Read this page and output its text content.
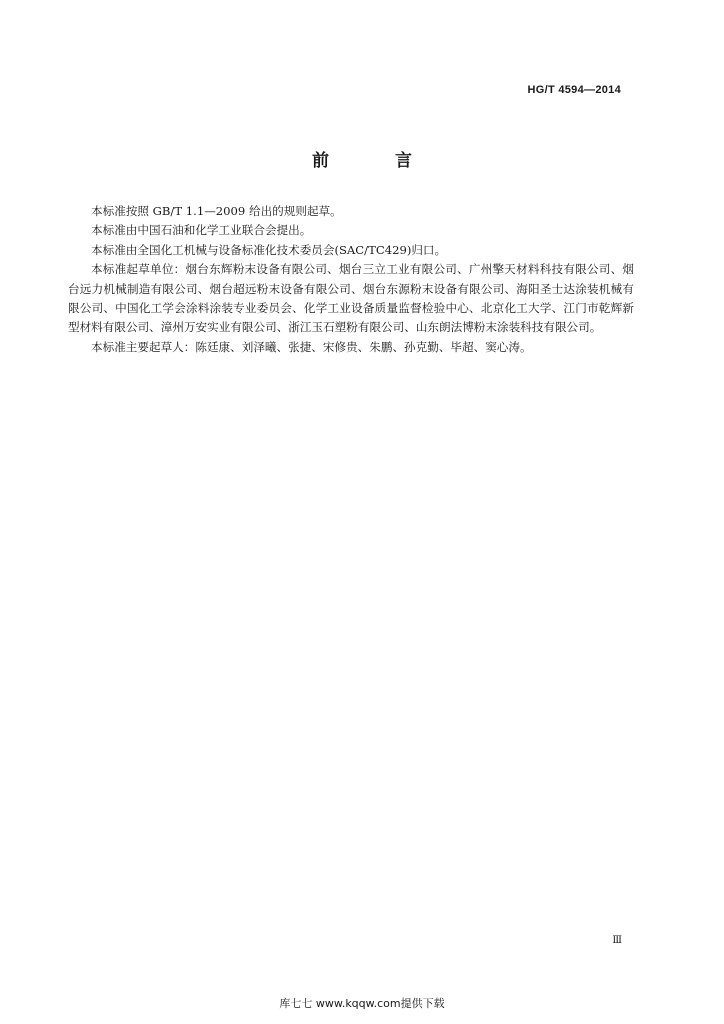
HG/T 4594—2014
前 言

本标准按照 GB/T 1.1—2009 给出的规则起草。

本标准由中国石油和化学工业联合会提出。

本标准由全国化工机械与设备标准化技术委员会(SAC/TC429)归口。

本标准起草单位：烟台东辉粉末设备有限公司、烟台三立工业有限公司、广州擎天材料科技有限公司、烟台远力机械制造有限公司、烟台超远粉末设备有限公司、烟台东源粉末设备有限公司、海阳圣士达涂装机械有限公司、中国化工学会涂料涂装专业委员会、化学工业设备质量监督检验中心、北京化工大学、江门市乾辉新型材料有限公司、漳州万安实业有限公司、浙江玉石塑粉有限公司、山东朗法博粉末涂装科技有限公司。

本标准主要起草人：陈廷康、刘泽曦、张捷、宋修贵、朱鹏、孙克勤、毕超、窦心涛。

Ⅲ
库七七 www.kqqw.com提供下载
